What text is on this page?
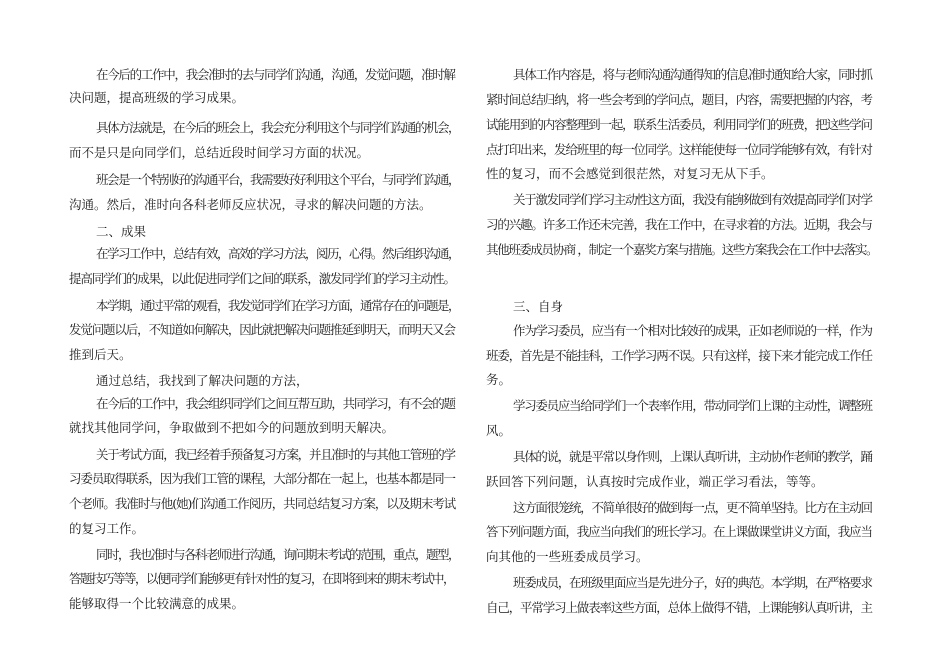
在今后的工作中，我会准时的去与同学们沟通，沟通，发觉问题，准时解
决问题，提高班级的学习成果。
具体方法就是，在今后的班会上，我会充分利用这个与同学们沟通的机会，
而不是只是向同学们，总结近段时间学习方面的状况。
班会是一个特别好的沟通平台，我需要好好利用这个平台，与同学们沟通，
沟通。然后，准时向各科老师反应状况，寻求的解决问题的方法。
二、成果
在学习工作中，总结有效，高效的学习方法，阅历，心得。然后组织沟通，
提高同学们的成果，以此促进同学们之间的联系，激发同学们的学习主动性。
本学期，通过平常的观看，我发觉同学们在学习方面，通常存在的问题是，
发觉问题以后，不知道如何解决，因此就把解决问题推延到明天，而明天又会
推到后天。
通过总结，我找到了解决问题的方法，
在今后的工作中，我会组织同学们之间互帮互助，共同学习，有不会的题
就找其他同学问，争取做到不把如今的问题放到明天解决。
关于考试方面，我已经着手预备复习方案，并且准时的与其他工管班的学
习委员取得联系，因为我们工管的课程，大部分都在一起上，也基本都是同一
个老师。我准时与他(她)们沟通工作阅历，共同总结复习方案，以及期末考试
的复习工作。
同时，我也准时与各科老师进行沟通，询问期末考试的范围，重点，题型，
答题技巧等等，以便同学们能够更有针对性的复习，在即将到来的期末考试中，
能够取得一个比较满意的成果。
具体工作内容是，将与老师沟通沟通得知的信息准时通知给大家，同时抓
紧时间总结归纳，将一些会考到的学问点，题目，内容，需要把握的内容，考
试能用到的内容整理到一起，联系生活委员，利用同学们的班费，把这些学问
点打印出来，发给班里的每一位同学。这样能使每一位同学能够有效，有针对
性的复习，而不会感觉到很茫然，对复习无从下手。
关于激发同学们学习主动性这方面，我没有能够做到有效提高同学们对学
习的兴趣。许多工作还未完善，我在工作中，在寻求着的方法。近期，我会与
其他班委成员协商 ，制定一个嘉奖方案与措施。这些方案我会在工作中去落实。
三、自身
作为学习委员，应当有一个相对比较好的成果，正如老师说的一样，作为
班委，首先是不能挂科，工作学习两不误。只有这样，接下来才能完成工作任
务。
学习委员应当给同学们一个表率作用，带动同学们上课的主动性，调整班
风。
具体的说，就是平常以身作则，上课认真听讲，主动协作老师的教学，踊
跃回答下列问题，认真按时完成作业，端正学习看法，等等。
这方面很笼统，不简单很好的做到每一点，更不简单坚持。比方在主动回
答下列问题方面，我应当向我们的班长学习。在上课做课堂讲义方面，我应当
向其他的一些班委成员学习。
班委成员，在班级里面应当是先进分子，好的典范。本学期，在严格要求
自己，平常学习上做表率这些方面，总体上做得不错，上课能够认真听讲，主
